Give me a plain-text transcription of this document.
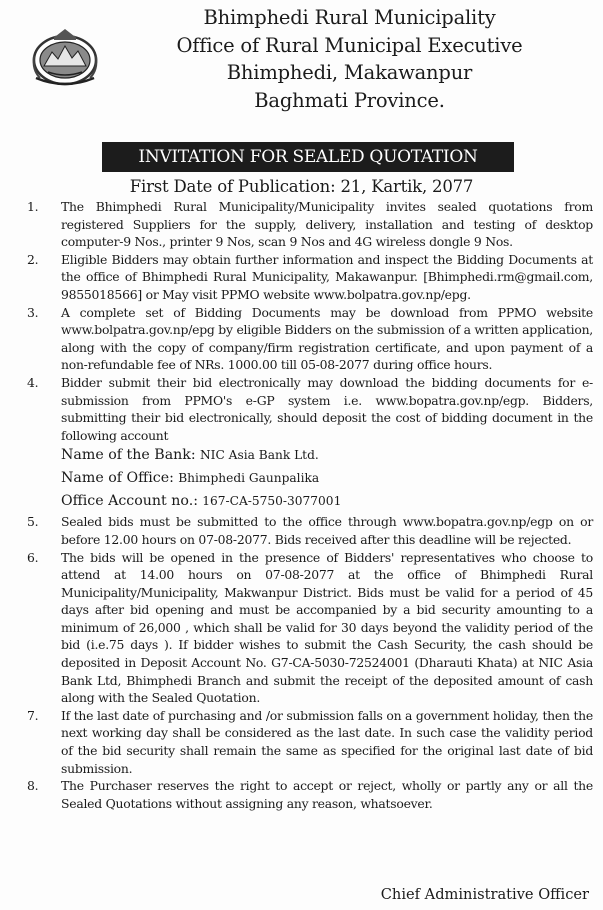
Bhimphedi Rural Municipality
Office of Rural Municipal Executive
Bhimphedi, Makawanpur
Baghmati Province.
INVITATION FOR SEALED QUOTATION
First Date of Publication: 21, Kartik, 2077
1.	The Bhimphedi Rural Municipality/Municipality invites sealed quotations from registered Suppliers for the supply, delivery, installation and testing of desktop computer-9 Nos., printer 9 Nos, scan 9 Nos and 4G wireless dongle 9 Nos.
2.	Eligible Bidders may obtain further information and inspect the Bidding Documents at the office of Bhimphedi Rural Municipality, Makawanpur. [Bhimphedi.rm@gmail.com, 9855018566] or May visit PPMO website www.bolpatra.gov.np/epg.
3.	A complete set of Bidding Documents may be download from PPMO website www.bolpatra.gov.np/epg by eligible Bidders on the submission of a written application, along with the copy of company/firm registration certificate, and upon payment of a non-refundable fee of NRs. 1000.00 till 05-08-2077 during office hours.
4.	Bidder submit their bid electronically may download the bidding documents for e-submission from PPMO's e-GP system i.e. www.bopatra.gov.np/egp. Bidders, submitting their bid electronically, should deposit the cost of bidding document in the following account
Name of the Bank: NIC Asia Bank Ltd.
Name of Office: Bhimphedi Gaunpalika
Office Account no.: 167-CA-5750-3077001
5.	Sealed bids must be submitted to the office through www.bopatra.gov.np/egp on or before 12.00 hours on 07-08-2077. Bids received after this deadline will be rejected.
6.	The bids will be opened in the presence of Bidders' representatives who choose to attend at 14.00 hours on 07-08-2077 at the office of Bhimphedi Rural Municipality/Municipality, Makwanpur District. Bids must be valid for a period of 45 days after bid opening and must be accompanied by a bid security amounting to a minimum of 26,000 , which shall be valid for 30 days beyond the validity period of the bid (i.e.75 days ). If bidder wishes to submit the Cash Security, the cash should be deposited in Deposit Account No. G7-CA-5030-72524001 (Dharauti Khata) at NIC Asia Bank Ltd, Bhimphedi Branch and submit the receipt of the deposited amount of cash along with the Sealed Quotation.
7.	If the last date of purchasing and /or submission falls on a government holiday, then the next working day shall be considered as the last date. In such case the validity period of the bid security shall remain the same as specified for the original last date of bid submission.
8.	The Purchaser reserves the right to accept or reject, wholly or partly any or all the Sealed Quotations without assigning any reason, whatsoever.
Chief Administrative Officer
